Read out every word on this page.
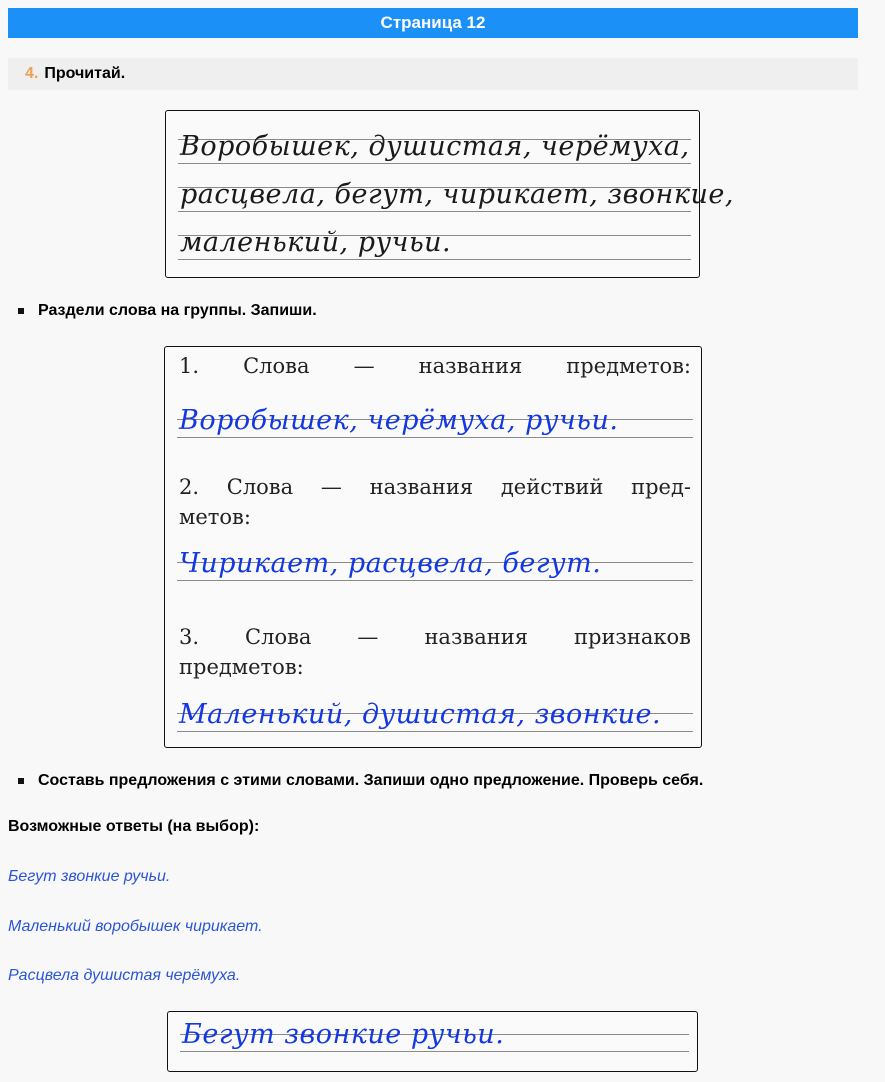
Страница 12
4. Прочитай.
Воробышек, душистая, черёмуха,
расцвела, бегут, чирикает, звонкие,
маленький, ручьи.
Раздели слова на группы. Запиши.
1. Слова — названия предметов:
Воробышек, черёмуха, ручьи.
2. Слова — названия действий пред-
метов:
Чирикает, расцвела, бегут.
3. Слова — названия признаков
предметов:
Маленький, душистая, звонкие.
Составь предложения с этими словами. Запиши одно предложение. Проверь себя.
Возможные ответы (на выбор):
Бегут звонкие ручьи.
Маленький воробышек чирикает.
Расцвела душистая черёмуха.
Бегут звонкие ручьи.
